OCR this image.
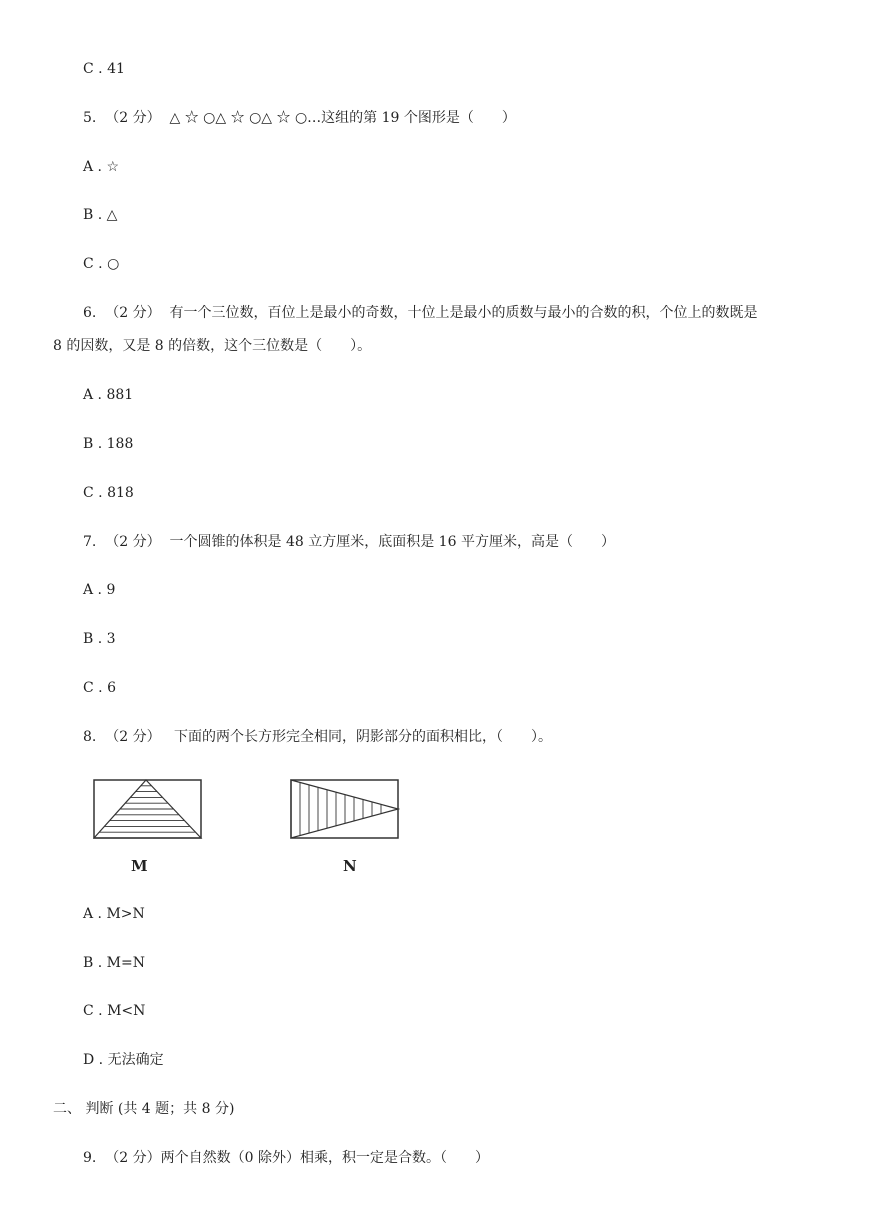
C . 41
5.  （2 分）  △ ☆ ○△ ☆ ○△ ☆ ○…这组的第 19 个图形是（　　）
A . ☆
B . △
C . ○
6.  （2 分）  有一个三位数，百位上是最小的奇数，十位上是最小的质数与最小的合数的积，个位上的数既是
8 的因数，又是 8 的倍数，这个三位数是（　　）。
A . 881
B . 188
C . 818
7.  （2 分）  一个圆锥的体积是 48 立方厘米，底面积是 16 平方厘米，高是（　　）
A . 9
B . 3
C . 6
8.  （2 分）   下面的两个长方形完全相同，阴影部分的面积相比，（　　）。
M	N
A . M>N
B . M=N
C . M<N
D . 无法确定
二、 判断 (共 4 题；共 8 分)
9.  （2 分）两个自然数（0 除外）相乘，积一定是合数。（　　）
